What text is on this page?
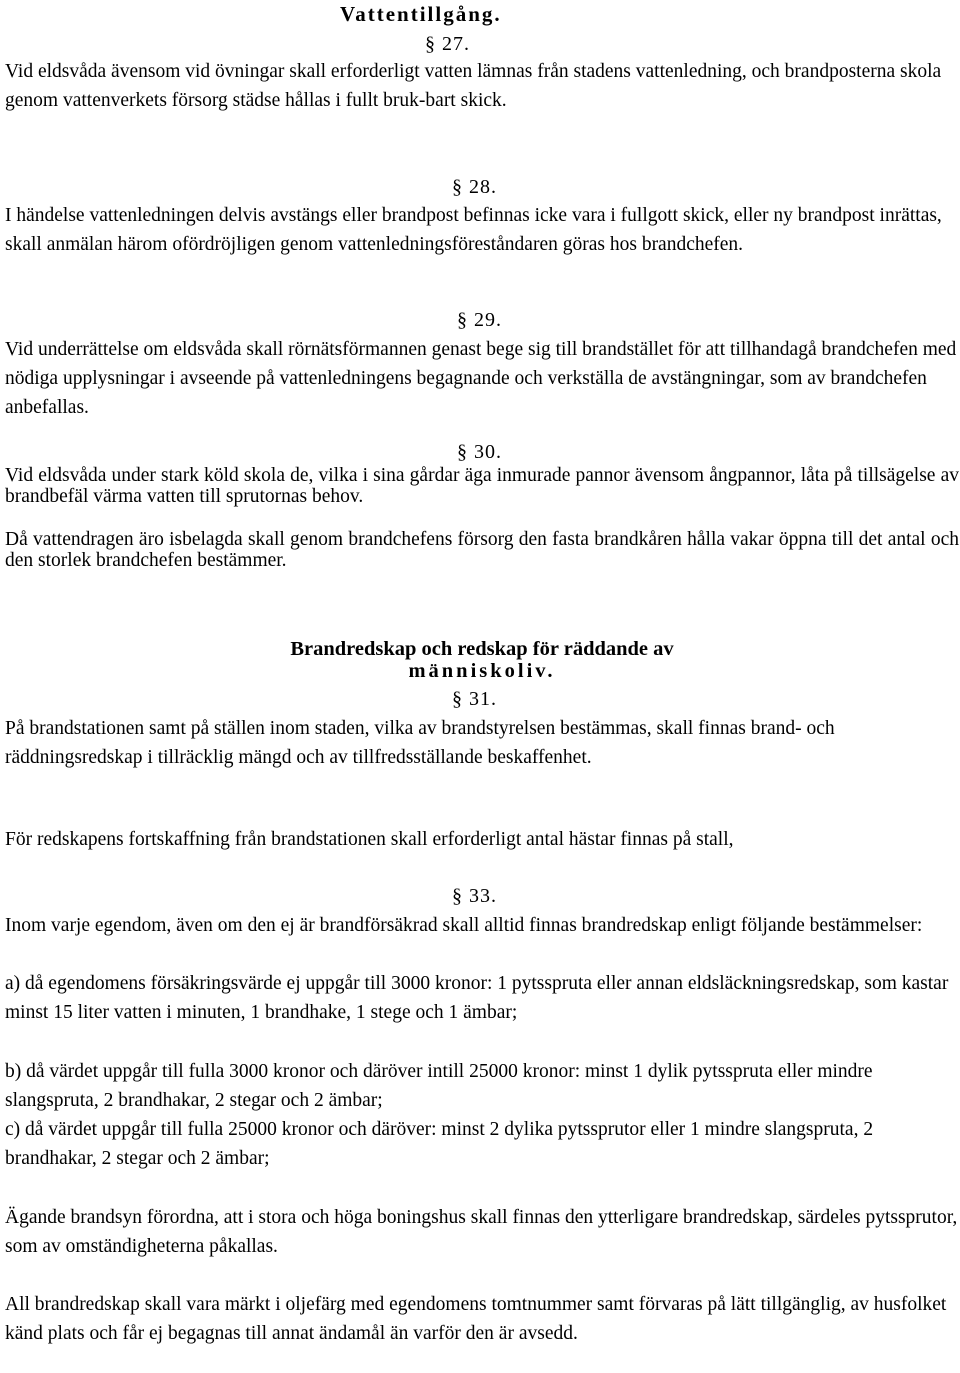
Vattentillgång.
§ 27.

Vid eldsvåda ävensom vid övningar skall erforderligt vatten lämnas från stadens vattenledning, och brandposterna skola genom vattenverkets försorg städse hållas i fullt bruk-bart skick.

§ 28.

I händelse vattenledningen delvis avstängs eller brandpost befinnas icke vara i fullgott skick, eller ny brandpost inrättas, skall anmälan härom ofördröjligen genom vattenledningsföreståndaren göras hos brandchefen.

§ 29.

Vid underrättelse om eldsvåda skall rörnätsförmannen genast bege sig till brandstället för att tillhandagå brandchefen med nödiga upplysningar i avseende på vattenledningens begagnande och verkställa de avstängningar, som av brandchefen anbefallas.

§ 30.

Vid eldsvåda under stark köld skola de, vilka i sina gårdar äga inmurade pannor ävensom ångpannor, låta på tillsägelse av brandbefäl värma vatten till sprutornas behov.

Då vattendragen äro isbelagda skall genom brandchefens försorg den fasta brandkåren hålla vakar öppna till det antal och den storlek brandchefen bestämmer.

Brandredskap och redskap för räddande av
människoliv.
§ 31.

På brandstationen samt på ställen inom staden, vilka av brandstyrelsen bestämmas, skall finnas brand- och räddningsredskap i tillräcklig mängd och av tillfredsställande beskaffenhet.

För redskapens fortskaffning från brandstationen skall erforderligt antal hästar finnas på stall,

§ 33.

Inom varje egendom, även om den ej är brandförsäkrad skall alltid finnas brandredskap enligt följande bestämmelser:

a) då egendomens försäkringsvärde ej uppgår till 3000 kronor: 1 pytsspruta eller annan eldsläckningsredskap, som kastar minst 15 liter vatten i minuten, 1 brandhake, 1 stege och 1 ämbar;

b) då värdet uppgår till fulla 3000 kronor och däröver intill 25000 kronor: minst 1 dylik pytsspruta eller mindre slangspruta, 2 brandhakar, 2 stegar och 2 ämbar;

c) då värdet uppgår till fulla 25000 kronor och däröver: minst 2 dylika pytssprutor eller 1 mindre slangspruta, 2 brandhakar, 2 stegar och 2 ämbar;

Ägande brandsyn förordna, att i stora och höga boningshus skall finnas den ytterligare brandredskap, särdeles pytssprutor, som av omständigheterna påkallas.

All brandredskap skall vara märkt i oljefärg med egendomens tomtnummer samt förvaras på lätt tillgänglig, av husfolket känd plats och får ej begagnas till annat ändamål än varför den är avsedd.
